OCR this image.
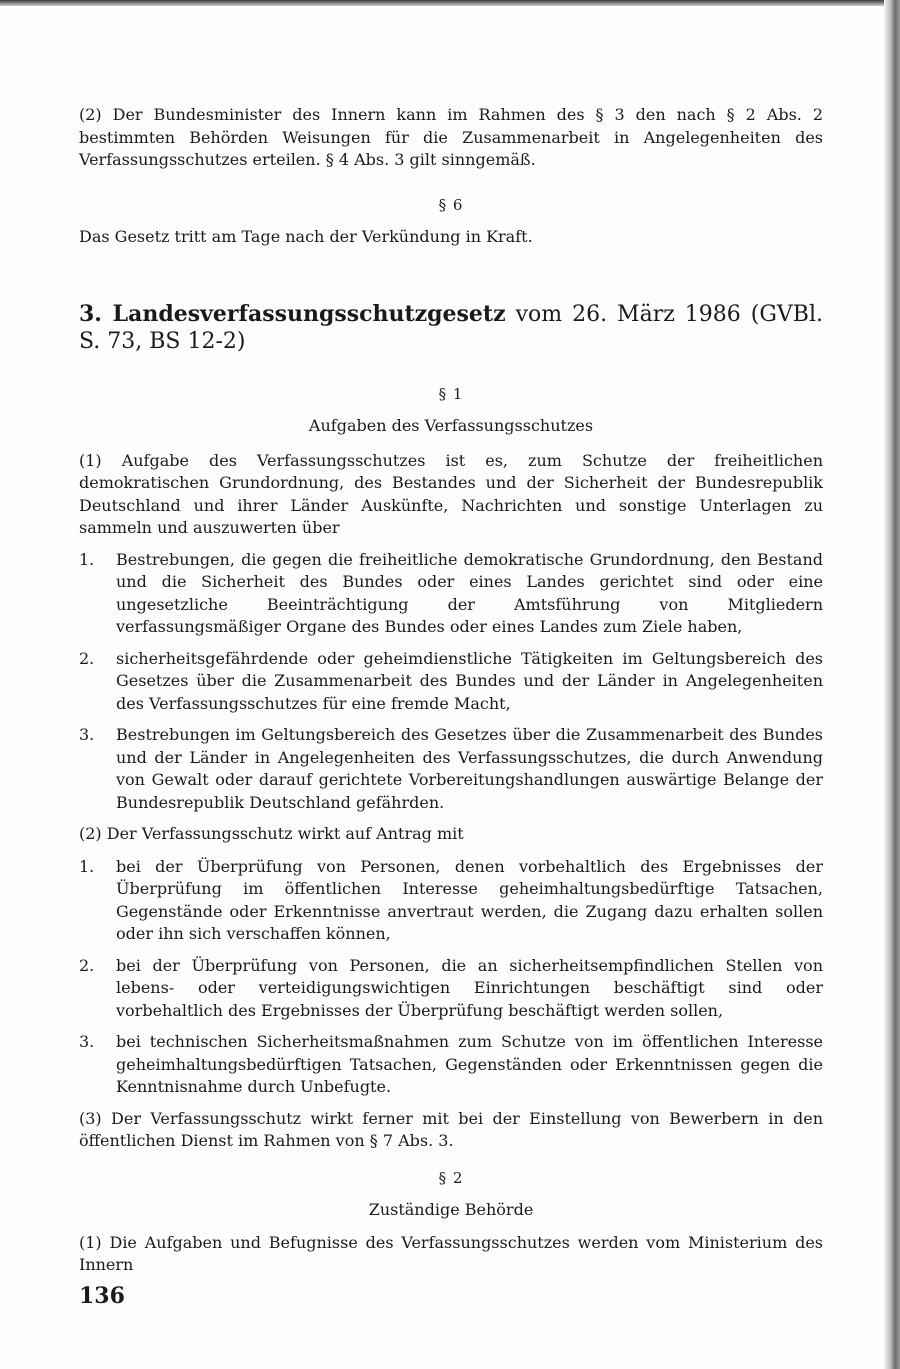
(2) Der Bundesminister des Innern kann im Rahmen des § 3 den nach § 2 Abs. 2 bestimmten Behörden Weisungen für die Zusammenarbeit in Angelegenheiten des Verfassungsschutzes erteilen. § 4 Abs. 3 gilt sinngemäß.

§ 6

Das Gesetz tritt am Tage nach der Verkündung in Kraft.

3. Landesverfassungsschutzgesetz vom 26. März 1986 (GVBl. S. 73, BS 12-2)

§ 1

Aufgaben des Verfassungsschutzes

(1) Aufgabe des Verfassungsschutzes ist es, zum Schutze der freiheitlichen demokratischen Grundordnung, des Bestandes und der Sicherheit der Bundesrepublik Deutschland und ihrer Länder Auskünfte, Nachrichten und sonstige Unterlagen zu sammeln und auszuwerten über

1. Bestrebungen, die gegen die freiheitliche demokratische Grundordnung, den Bestand und die Sicherheit des Bundes oder eines Landes gerichtet sind oder eine ungesetzliche Beeinträchtigung der Amtsführung von Mitgliedern verfassungsmäßiger Organe des Bundes oder eines Landes zum Ziele haben,
2. sicherheitsgefährdende oder geheimdienstliche Tätigkeiten im Geltungsbereich des Gesetzes über die Zusammenarbeit des Bundes und der Länder in Angelegenheiten des Verfassungsschutzes für eine fremde Macht,
3. Bestrebungen im Geltungsbereich des Gesetzes über die Zusammenarbeit des Bundes und der Länder in Angelegenheiten des Verfassungsschutzes, die durch Anwendung von Gewalt oder darauf gerichtete Vorbereitungshandlungen auswärtige Belange der Bundesrepublik Deutschland gefährden.

(2) Der Verfassungsschutz wirkt auf Antrag mit

1. bei der Überprüfung von Personen, denen vorbehaltlich des Ergebnisses der Überprüfung im öffentlichen Interesse geheimhaltungsbedürftige Tatsachen, Gegenstände oder Erkenntnisse anvertraut werden, die Zugang dazu erhalten sollen oder ihn sich verschaffen können,
2. bei der Überprüfung von Personen, die an sicherheitsempfindlichen Stellen von lebens- oder verteidigungswichtigen Einrichtungen beschäftigt sind oder vorbehaltlich des Ergebnisses der Überprüfung beschäftigt werden sollen,
3. bei technischen Sicherheitsmaßnahmen zum Schutze von im öffentlichen Interesse geheimhaltungsbedürftigen Tatsachen, Gegenständen oder Erkenntnissen gegen die Kenntnisnahme durch Unbefugte.

(3) Der Verfassungsschutz wirkt ferner mit bei der Einstellung von Bewerbern in den öffentlichen Dienst im Rahmen von § 7 Abs. 3.

§ 2

Zuständige Behörde

(1) Die Aufgaben und Befugnisse des Verfassungsschutzes werden vom Ministerium des Innern

136
